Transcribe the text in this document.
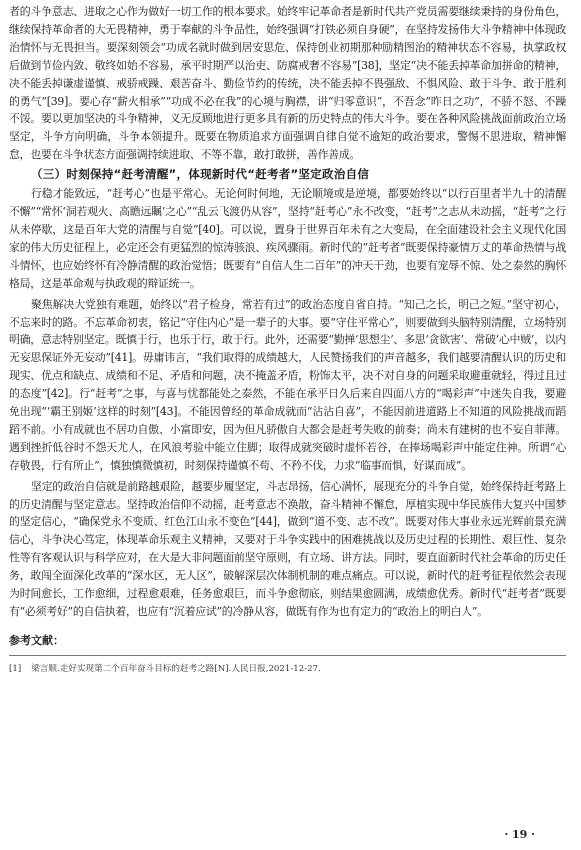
者的斗争意志、进取之心作为做好一切工作的根本要求。始终牢记革命者是新时代共产党员需要继续秉持的身份角色，继续保持革命者的大无畏精神，勇于奉献的斗争品性，始终强调“打铁必须自身硬”，在坚持发扬伟大斗争精神中体现政治情怀与无畏担当。要深刻领会“功成名就时做到居安思危、保持创业初期那种励精图治的精神状态不容易，执掌政权后做到节俭内敛、敬终如始不容易，承平时期严以治吏、防腐戒奢不容易”[38]，坚定“决不能丢掉革命加拼命的精神，决不能丢掉谦虚谨慎、戒骄戒躁、艰苦奋斗、勤俭节约的传统，决不能丢掉不畏强敌、不惧风险、敢于斗争、敢于胜利的勇气”[39]。要心存“薪火相承”“功成不必在我”的心境与胸襟，讲“归零意识”，不吾念“昨日之功”，不骄不怒、不躁不馁。要以更加坚决的斗争精神，义无反顾地进行更多具有新的历史特点的伟大斗争。要在各种风险挑战面前政治立场坚定，斗争方向明确，斗争本领提升。既要在物质追求方面强调自律自觉不逾矩的政治要求，警惕不思进取，精神懈怠，也要在斗争状态方面强调持续进取、不等不靠，敢打敢拼，善作善成。

（三）时刻保持“赶考清醒”，体现新时代“赶考者”坚定政治自信

行稳才能致远，“赶考心”也是平常心。无论何时何地，无论顺境或是逆境，都要始终以“以行百里者半九十的清醒不懈”“常怀‘洞若观火、高瞻远瞩’之心”“乱云飞渡仍从容”，坚持“赶考心”永不改变，“赶考”之志从未动摇，“赶考”之行从未停歇，这是百年大党的清醒与自觉”[40]。可以说，置身于世界百年未有之大变局，在全面建设社会主义现代化国家的伟大历史征程上，必定还会有更猛烈的惊涛骇浪、疾风骤雨。新时代的“赶考者”既要保持豪情万丈的革命热情与战斗情怀，也应始终怀有冷静清醒的政治觉悟；既要有“自信人生二百年”的冲天干劲，也要有宠辱不惊、处之泰然的胸怀格局，这是革命观与执政观的辩证统一。

聚焦解决大党独有难题，始终以“君子检身，常若有过”的政治态度自省自持。“知己之长，明己之短。”坚守初心，不忘来时的路。不忘革命初衷，铭记“守住内心”是一辈子的大事。要“守住平常心”，则要做到头脑特别清醒，立场特别明确，意志特别坚定。既慎于行，也乐于行，敢于行。此外，还需要“勤掸‘思想尘’、多思‘贪欲害’、常破‘心中贼’，以内无妄思保证外无妄动”[41]。毋庸讳言，“我们取得的成绩越大，人民赞扬我们的声音越多，我们越要清醒认识的历史和现实、优点和缺点、成绩和不足、矛盾和问题，决不掩盖矛盾，粉饰太平，决不对自身的问题采取避重就轻，得过且过的态度”[42]。行“赶考”之事，与喜与忧都能处之泰然，不能在承平日久后来自四面八方的“喝彩声”中迷失自我，要避免出现“‘霸王别姬’这样的时刻”[43]。不能因曾经的革命成就而“沾沾自喜”，不能因前进道路上不知道的风险挑战而蹈蹈不前。小有成就也不居功自傲、小富即安，因为但凡骄傲自大都会是赶考失败的前奏；尚未有建树的也不妄自菲薄。遇到挫折低谷时不怨天尤人，在风浪考验中能立住脚；取得成就突破时虚怀若谷，在捧场喝彩声中能定住神。所谓“心存敬畏，行有所止”，慎独慎微慎初，时刻保持谨慎不苟、不矜不伐，力求“临事而惧，好谋而成”。

坚定的政治自信就是前路越艰险，越要步履坚定，斗志昂扬，信心满怀，展现充分的斗争自觉，始终保持赶考路上的历史清醒与坚定意志。坚持政治信仰不动摇，赶考意志不涣散，奋斗精神不懈怠，厚植实现中华民族伟大复兴中国梦的坚定信心，“确保党永不变质、红色江山永不变色”[44]，做到“道不变、志不改”。既要对伟大事业永远光辉前景充满信心，斗争决心笃定，体现革命乐观主义精神，又要对于斗争实践中的困难挑战以及历史过程的长期性、艰巨性、复杂性等有客观认识与科学应对，在大是大非问题面前坚守原则，有立场、讲方法。同时，要直面新时代社会革命的历史任务，敢闯全面深化改革的“深水区，无人区”，破解深层次体制机制的难点痛点。可以说，新时代的赶考征程依然会表现为时间愈长，工作愈细，过程愈艰难，任务愈艰巨，而斗争愈彻底，则结果愈圆满，成绩愈优秀。新时代“赶考者”既要有“必须考好”的自信执着，也应有“沉着应试”的冷静从容，做既有作为也有定力的“政治上的明白人”。

参考文献：

[1] 梁言顺.走好实现第二个百年奋斗目标的赶考之路[N].人民日报,2021-12-27.

· 19 ·
